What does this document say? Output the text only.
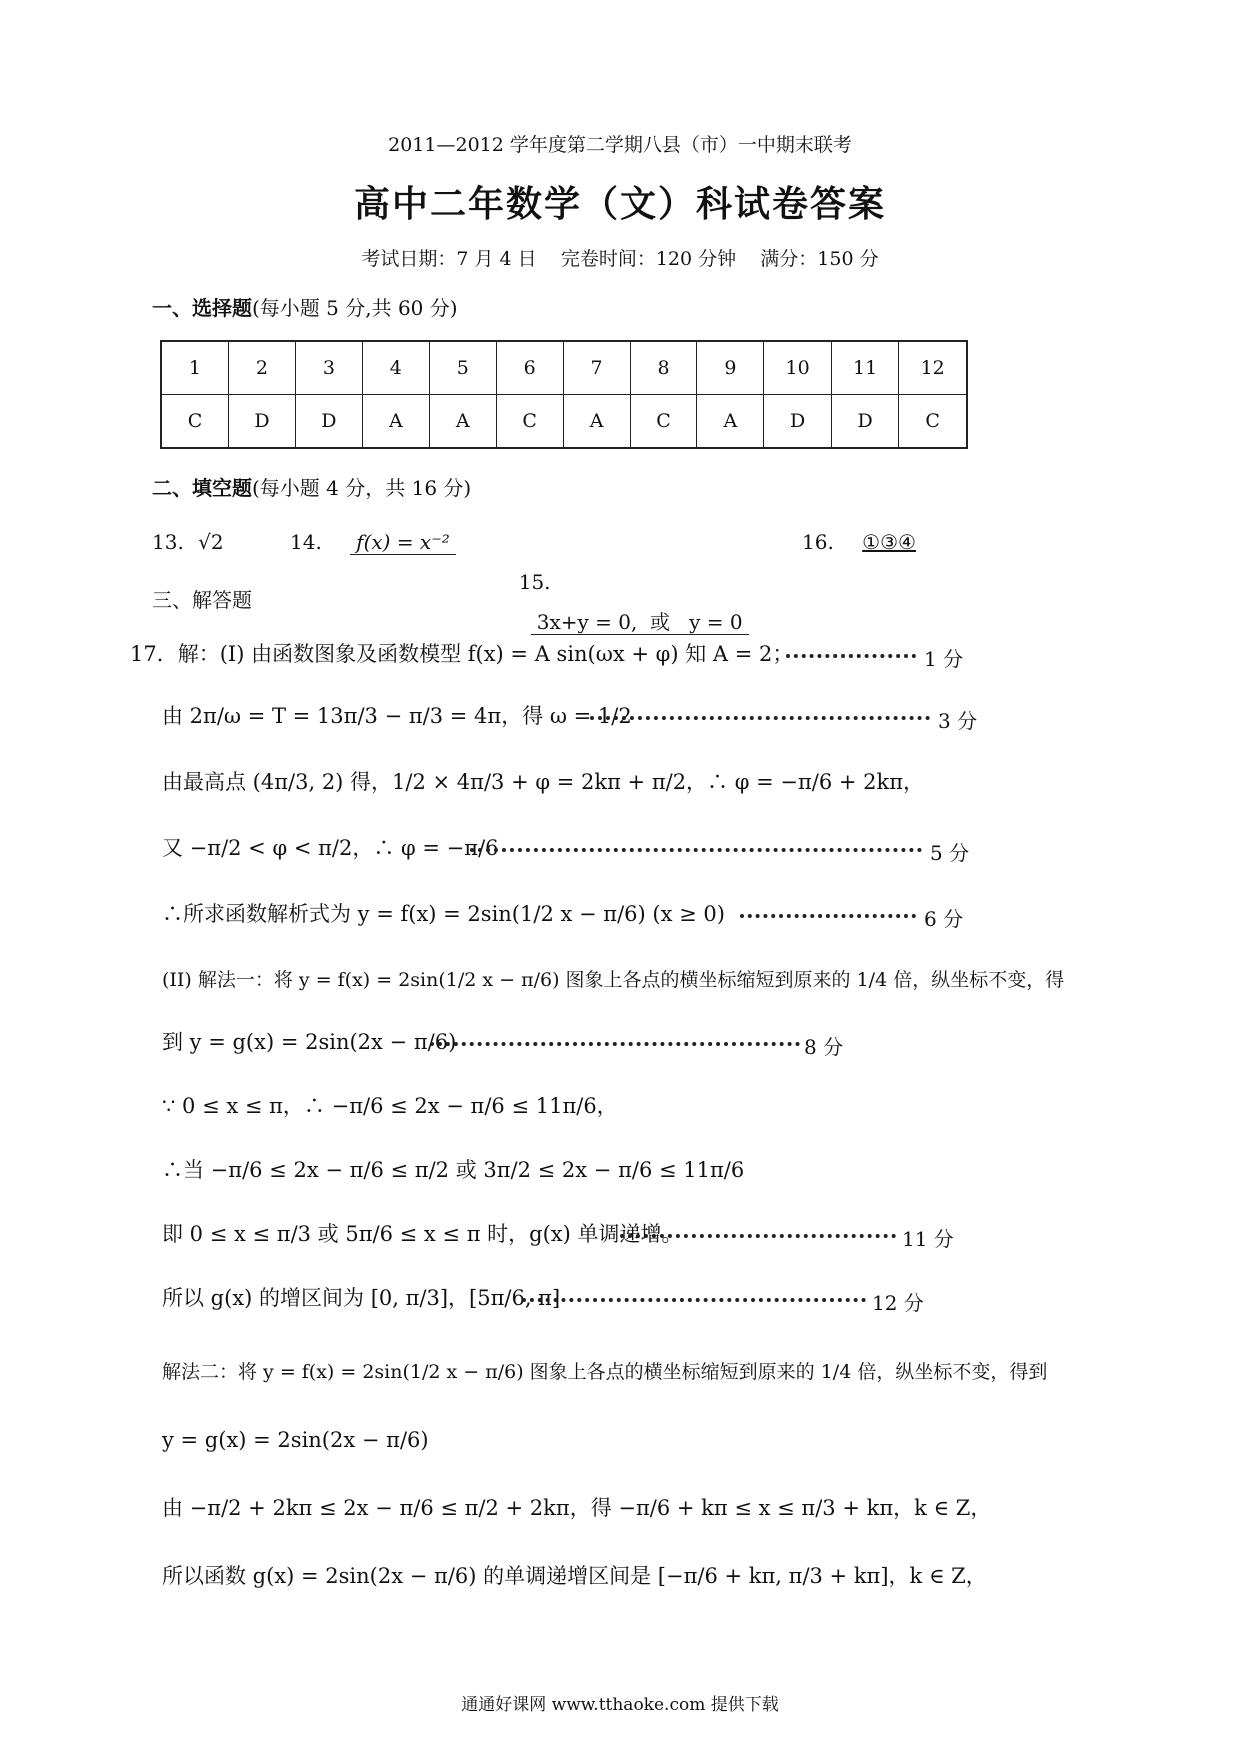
2011—2012 学年度第二学期八县（市）一中期末联考
高中二年数学（文）科试卷答案
考试日期：7 月 4 日    完卷时间：120 分钟    满分：150 分
一、选择题(每小题 5 分,共 60 分)
1	2	3	4	5	6	7	8	9	10	11	12
C	D	D	A	A	C	A	C	A	D	D	C
二、填空题(每小题 4 分，共 16 分)
13. √2	14. f(x) = x⁻²

15.
3x+y = 0,  或   y = 0

16. ①③④
三、解答题
17．解：(I) 由函数图象及函数模型 f(x) = A sin(ωx + φ) 知 A = 2；	1 分
由 2π/ω = T = 13π/3 − π/3 = 4π，得 ω = 1/2	3 分
由最高点 (4π/3, 2) 得，1/2 × 4π/3 + φ = 2kπ + π/2，∴ φ = −π/6 + 2kπ，
又 −π/2 < φ < π/2，∴ φ = −π/6	5 分
∴所求函数解析式为 y = f(x) = 2sin(1/2 x − π/6) (x ≥ 0)	6 分
(II) 解法一：将 y = f(x) = 2sin(1/2 x − π/6) 图象上各点的横坐标缩短到原来的 1/4 倍，纵坐标不变，得
到 y = g(x) = 2sin(2x − π/6)	8 分
∵ 0 ≤ x ≤ π，∴ −π/6 ≤ 2x − π/6 ≤ 11π/6，
∴当 −π/6 ≤ 2x − π/6 ≤ π/2 或 3π/2 ≤ 2x − π/6 ≤ 11π/6
即 0 ≤ x ≤ π/3 或 5π/6 ≤ x ≤ π 时，g(x) 单调递增。	11 分
所以 g(x) 的增区间为 [0, π/3]，[5π/6, π]	12 分
解法二：将 y = f(x) = 2sin(1/2 x − π/6) 图象上各点的横坐标缩短到原来的 1/4 倍，纵坐标不变，得到
y = g(x) = 2sin(2x − π/6)
由 −π/2 + 2kπ ≤ 2x − π/6 ≤ π/2 + 2kπ，得 −π/6 + kπ ≤ x ≤ π/3 + kπ，k ∈ Z，
所以函数 g(x) = 2sin(2x − π/6) 的单调递增区间是 [−π/6 + kπ, π/3 + kπ]，k ∈ Z，
通通好课网 www.tthaoke.com 提供下载
